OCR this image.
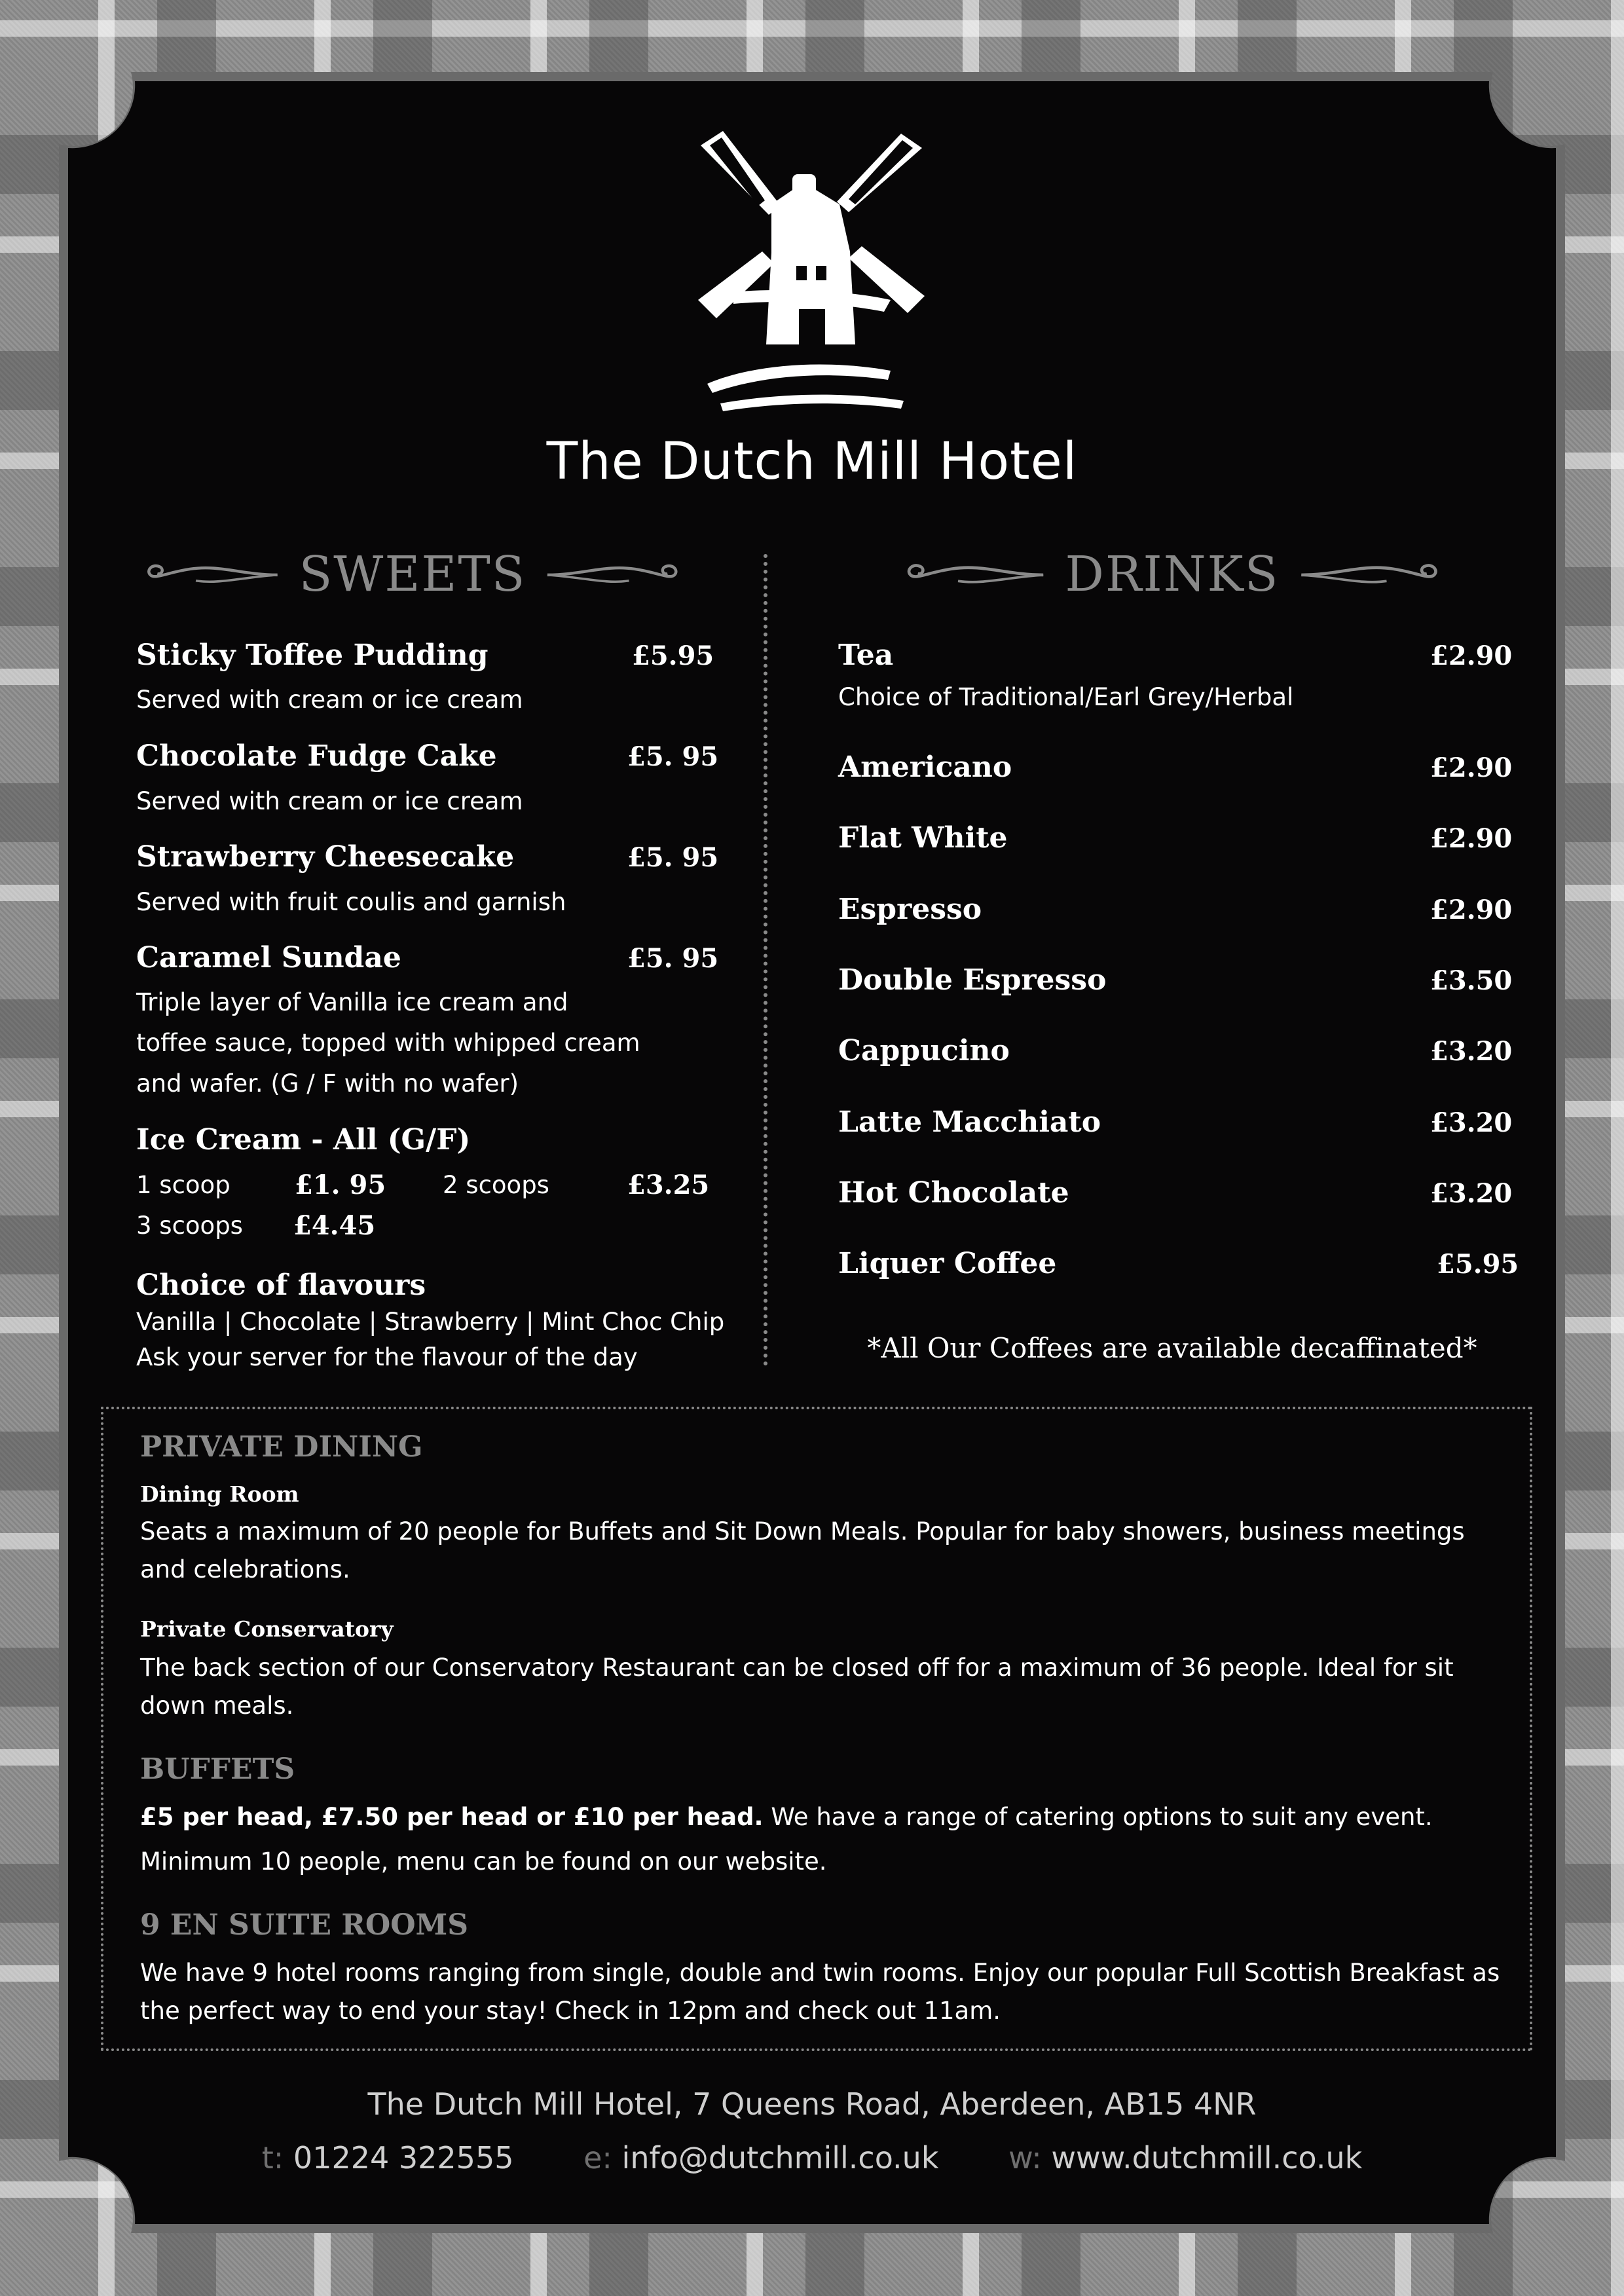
The Dutch Mill Hotel
SWEETS	DRINKS
Sticky Toffee Pudding	£5.95
Served with cream or ice cream
Chocolate Fudge Cake	£5. 95
Served with cream or ice cream
Strawberry Cheesecake	£5. 95
Served with fruit coulis and garnish
Caramel Sundae	£5. 95
Triple layer of Vanilla ice cream and
toffee sauce, topped with whipped cream
and wafer. (G / F with no wafer)
Ice Cream - All (G/F)
1 scoop £1. 95 2 scoops	£3.25
3 scoops £4.45
Choice of flavours
Vanilla | Chocolate | Strawberry | Mint Choc Chip
Ask your server for the flavour of the day
Tea	£2.90
Choice of Traditional/Earl Grey/Herbal
Americano	£2.90
Flat White	£2.90
Espresso	£2.90
Double Espresso	£3.50
Cappucino	£3.20
Latte Macchiato	£3.20
Hot Chocolate	£3.20
Liquer Coffee	£5.95
*All Our Coffees are available decaffinated*
PRIVATE DINING
Dining Room
Seats a maximum of 20 people for Buffets and Sit Down Meals. Popular for baby showers, business meetings and celebrations.
Private Conservatory
The back section of our Conservatory Restaurant can be closed off for a maximum of 36 people. Ideal for sit down meals.
BUFFETS
£5 per head, £7.50 per head or £10 per head. We have a range of catering options to suit any event.
Minimum 10 people, menu can be found on our website.
9 EN SUITE ROOMS
We have 9 hotel rooms ranging from single, double and twin rooms. Enjoy our popular Full Scottish Breakfast as the perfect way to end your stay! Check in 12pm and check out 11am.
The Dutch Mill Hotel, 7 Queens Road, Aberdeen, AB15 4NR
t: 01224 322555 e: info@dutchmill.co.uk w: www.dutchmill.co.uk
